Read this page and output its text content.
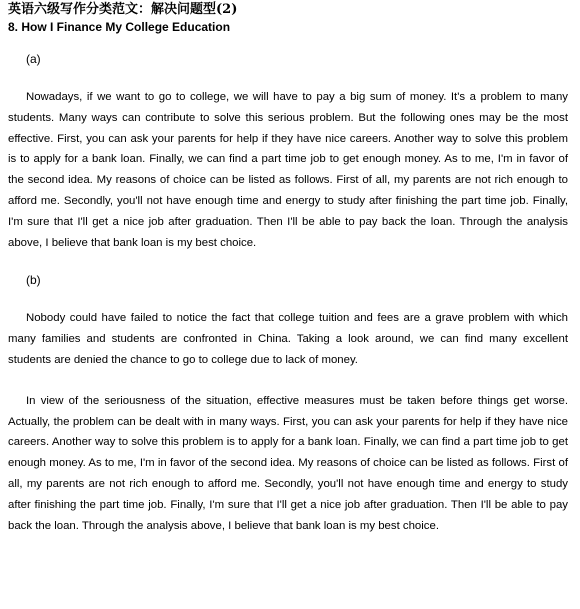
英语六级写作分类范文：解决问题型(2)
8. How I Finance My College Education
(a)

Nowadays, if we want to go to college, we will have to pay a big sum of money. It's a problem to many students. Many ways can contribute to solve this serious problem. But the following ones may be the most effective. First, you can ask your parents for help if they have nice careers. Another way to solve this problem is to apply for a bank loan. Finally, we can find a part time job to get enough money. As to me, I'm in favor of the second idea. My reasons of choice can be listed as follows. First of all, my parents are not rich enough to afford me. Secondly, you'll not have enough time and energy to study after finishing the part time job. Finally, I'm sure that I'll get a nice job after graduation. Then I'll be able to pay back the loan. Through the analysis above, I believe that bank loan is my best choice.

(b)

Nobody could have failed to notice the fact that college tuition and fees are a grave problem with which many families and students are confronted in China. Taking a look around, we can find many excellent students are denied the chance to go to college due to lack of money.

In view of the seriousness of the situation, effective measures must be taken before things get worse. Actually, the problem can be dealt with in many ways. First, you can ask your parents for help if they have nice careers. Another way to solve this problem is to apply for a bank loan. Finally, we can find a part time job to get enough money. As to me, I'm in favor of the second idea. My reasons of choice can be listed as follows. First of all, my parents are not rich enough to afford me. Secondly, you'll not have enough time and energy to study after finishing the part time job. Finally, I'm sure that I'll get a nice job after graduation. Then I'll be able to pay back the loan. Through the analysis above, I believe that bank loan is my best choice.
